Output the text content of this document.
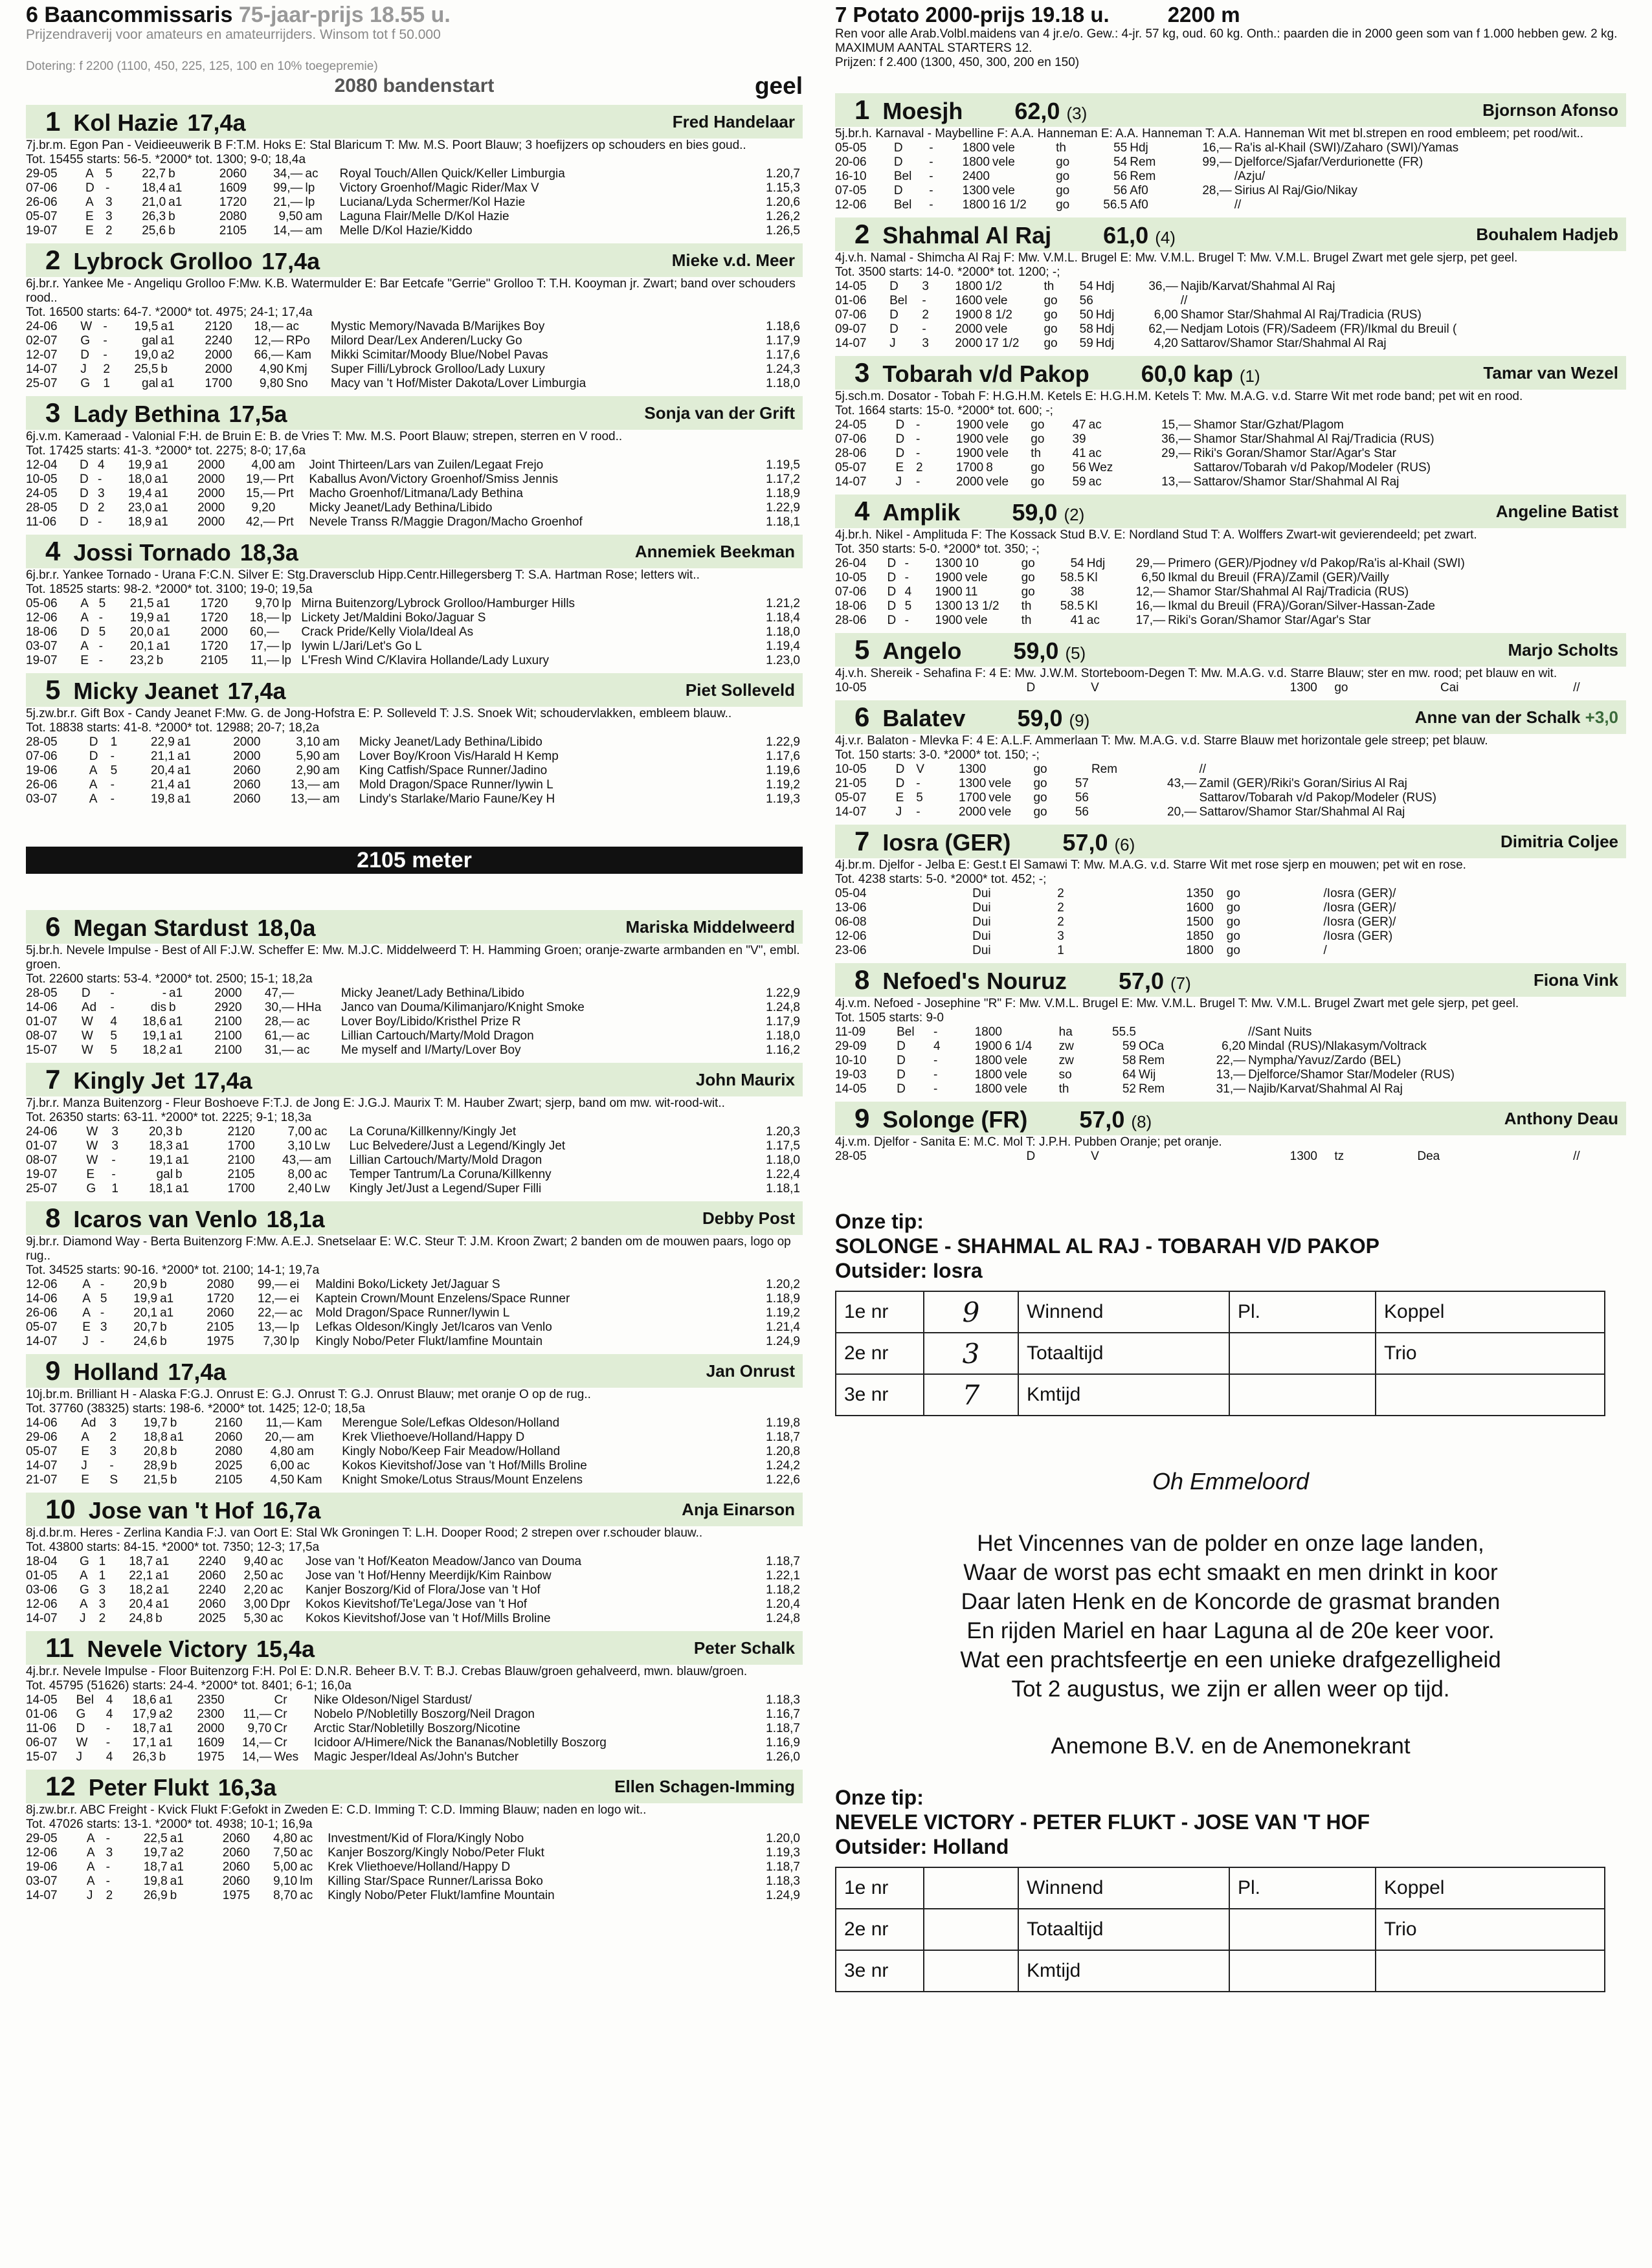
6 Baancommissaris 75-jaar-prijs 18.55 u.
Prijzendraverij voor amateurs en amateurrijders. Winsom tot f 50.000
Dotering: f 2200 (1100, 450, 225, 125, 100 en 10% toegepremie)
2080 bandenstart	geel
1 Kol Hazie 17,4a	Fred Handelaar
7j.br.m. Egon Pan - Veidieeuwerik B F:T.M. Hoks E: Stal Blaricum T: Mw. M.S. Poort Blauw; 3 hoefijzers op schouders en bies goud..
Tot. 15455 starts: 56-5. *2000* tot. 1300; 9-0; 18,4a
29-05	A	5	22,7	b	2060	34,—	ac	Royal Touch/Allen Quick/Keller Limburgia	1.20,7
07-06	D	-	18,4	a1	1609	99,—	lp	Victory Groenhof/Magic Rider/Max V	1.15,3
26-06	A	3	21,0	a1	1720	21,—	lp	Luciana/Lyda Schermer/Kol Hazie	1.20,6
05-07	E	3	26,3	b	2080	9,50	am	Laguna Flair/Melle D/Kol Hazie	1.26,2
19-07	E	2	25,6	b	2105	14,—	am	Melle D/Kol Hazie/Kiddo	1.26,5
2 Lybrock Grolloo 17,4a	Mieke v.d. Meer
6j.br.r. Yankee Me - Angeliqu Grolloo F:Mw. K.B. Watermulder E: Bar Eetcafe "Gerrie" Grolloo T: T.H. Kooyman jr. Zwart; band over schouders rood..
Tot. 16500 starts: 64-7. *2000* tot. 4975; 24-1; 17,4a
24-06	W	-	19,5	a1	2120	18,—	ac	Mystic Memory/Navada B/Marijkes Boy	1.18,6
02-07	G	-	gal	a1	2240	12,—	RPo	Milord Dear/Lex Anderen/Lucky Go	1.17,9
12-07	D	-	19,0	a2	2000	66,—	Kam	Mikki Scimitar/Moody Blue/Nobel Pavas	1.17,6
14-07	J	2	25,5	b	2000	4,90	Kmj	Super Filli/Lybrock Grolloo/Lady Luxury	1.24,3
25-07	G	1	gal	a1	1700	9,80	Sno	Macy van 't Hof/Mister Dakota/Lover Limburgia	1.18,0
3 Lady Bethina 17,5a	Sonja van der Grift
6j.v.m. Kameraad - Valonial F:H. de Bruin E: B. de Vries T: Mw. M.S. Poort Blauw; strepen, sterren en V rood..
Tot. 17425 starts: 41-3. *2000* tot. 2275; 8-0; 17,6a
12-04	D	4	19,9	a1	2000	4,00	am	Joint Thirteen/Lars van Zuilen/Legaat Frejo	1.19,5
10-05	D	-	18,0	a1	2000	19,—	Prt	Kaballus Avon/Victory Groenhof/Smiss Jennis	1.17,2
24-05	D	3	19,4	a1	2000	15,—	Prt	Macho Groenhof/Litmana/Lady Bethina	1.18,9
28-05	D	2	23,0	a1	2000	9,20		Micky Jeanet/Lady Bethina/Libido	1.22,9
11-06	D	-	18,9	a1	2000	42,—	Prt	Nevele Transs R/Maggie Dragon/Macho Groenhof	1.18,1
4 Jossi Tornado 18,3a	Annemiek Beekman
6j.br.r. Yankee Tornado - Urana F:C.N. Silver E: Stg.Draversclub Hipp.Centr.Hillegersberg T: S.A. Hartman Rose; letters wit..
Tot. 18525 starts: 98-2. *2000* tot. 3100; 19-0; 19,5a
05-06	A	5	21,5	a1	1720	9,70	lp	Mirna Buitenzorg/Lybrock Grolloo/Hamburger Hills	1.21,2
12-06	A	-	19,9	a1	1720	18,—	lp	Lickety Jet/Maldini Boko/Jaguar S	1.18,4
18-06	D	5	20,0	a1	2000	60,—		Crack Pride/Kelly Viola/Ideal As	1.18,0
03-07	A	-	20,1	a1	1720	17,—	lp	Iywin L/Jari/Let's Go L	1.19,4
19-07	E	-	23,2	b	2105	11,—	lp	L'Fresh Wind C/Klavira Hollande/Lady Luxury	1.23,0
5 Micky Jeanet 17,4a	Piet Solleveld
5j.zw.br.r. Gift Box - Candy Jeanet F:Mw. G. de Jong-Hofstra E: P. Solleveld T: J.S. Snoek Wit; schoudervlakken, embleem blauw..
Tot. 18838 starts: 41-8. *2000* tot. 12988; 20-7; 18,2a
28-05	D	1	22,9	a1	2000	3,10	am	Micky Jeanet/Lady Bethina/Libido	1.22,9
07-06	D	-	21,1	a1	2000	5,90	am	Lover Boy/Kroon Vis/Harald H Kemp	1.17,6
19-06	A	5	20,4	a1	2060	2,90	am	King Catfish/Space Runner/Jadino	1.19,6
26-06	A	-	21,4	a1	2060	13,—	am	Mold Dragon/Space Runner/Iywin L	1.19,2
03-07	A	-	19,8	a1	2060	13,—	am	Lindy's Starlake/Mario Faune/Key H	1.19,3
2105 meter
6 Megan Stardust 18,0a	Mariska Middelweerd
5j.br.h. Nevele Impulse - Best of All F:J.W. Scheffer E: Mw. M.J.C. Middelweerd T: H. Hamming Groen; oranje-zwarte armbanden en "V", embl. groen.
Tot. 22600 starts: 53-4. *2000* tot. 2500; 15-1; 18,2a
28-05	D	-	-	a1	2000	47,—		Micky Jeanet/Lady Bethina/Libido	1.22,9
14-06	Ad	-	dis	b	2920	30,—	HHa	Janco van Douma/Kilimanjaro/Knight Smoke	1.24,8
01-07	W	4	18,6	a1	2100	28,—	ac	Lover Boy/Libido/Kristhel Prize R	1.17,9
08-07	W	5	19,1	a1	2100	61,—	ac	Lillian Cartouch/Marty/Mold Dragon	1.18,0
15-07	W	5	18,2	a1	2100	31,—	ac	Me myself and I/Marty/Lover Boy	1.16,2
7 Kingly Jet 17,4a	John Maurix
7j.br.r. Manza Buitenzorg - Fleur Boshoeve F:T.J. de Jong E: J.G.J. Maurix T: M. Hauber Zwart; sjerp, band om mw. wit-rood-wit..
Tot. 26350 starts: 63-11. *2000* tot. 2225; 9-1; 18,3a
24-06	W	3	20,3	b	2120	7,00	ac	La Coruna/Killkenny/Kingly Jet	1.20,3
01-07	W	3	18,3	a1	1700	3,10	Lw	Luc Belvedere/Just a Legend/Kingly Jet	1.17,5
08-07	W	-	19,1	a1	2100	43,—	am	Lillian Cartouch/Marty/Mold Dragon	1.18,0
19-07	E	-	gal	b	2105	8,00	ac	Temper Tantrum/La Coruna/Killkenny	1.22,4
25-07	G	1	18,1	a1	1700	2,40	Lw	Kingly Jet/Just a Legend/Super Filli	1.18,1
8 Icaros van Venlo 18,1a	Debby Post
9j.br.r. Diamond Way - Berta Buitenzorg F:Mw. A.E.J. Snetselaar E: W.C. Steur T: J.M. Kroon Zwart; 2 banden om de mouwen paars, logo op rug..
Tot. 34525 starts: 90-16. *2000* tot. 2100; 14-1; 19,7a
12-06	A	-	20,9	b	2080	99,—	ei	Maldini Boko/Lickety Jet/Jaguar S	1.20,2
14-06	A	5	19,9	a1	1720	12,—	ei	Kaptein Crown/Mount Enzelens/Space Runner	1.18,9
26-06	A	-	20,1	a1	2060	22,—	ac	Mold Dragon/Space Runner/Iywin L	1.19,2
05-07	E	3	20,7	b	2105	13,—	lp	Lefkas Oldeson/Kingly Jet/Icaros van Venlo	1.21,4
14-07	J	-	24,6	b	1975	7,30	lp	Kingly Nobo/Peter Flukt/Iamfine Mountain	1.24,9
9 Holland 17,4a	Jan Onrust
10j.br.m. Brilliant H - Alaska F:G.J. Onrust E: G.J. Onrust T: G.J. Onrust Blauw; met oranje O op de rug..
Tot. 37760 (38325) starts: 198-6. *2000* tot. 1425; 12-0; 18,5a
14-06	Ad	3	19,7	b	2160	11,—	Kam	Merengue Sole/Lefkas Oldeson/Holland	1.19,8
29-06	A	2	18,8	a1	2060	20,—	am	Krek Vliethoeve/Holland/Happy D	1.18,7
05-07	E	3	20,8	b	2080	4,80	am	Kingly Nobo/Keep Fair Meadow/Holland	1.20,8
14-07	J	-	28,9	b	2025	6,00	ac	Kokos Kievitshof/Jose van 't Hof/Mills Broline	1.24,2
21-07	E	S	21,5	b	2105	4,50	Kam	Knight Smoke/Lotus Straus/Mount Enzelens	1.22,6
10 Jose van 't Hof 16,7a	Anja Einarson
8j.d.br.m. Heres - Zerlina Kandia F:J. van Oort E: Stal Wk Groningen T: L.H. Dooper Rood; 2 strepen over r.schouder blauw..
Tot. 43800 starts: 84-15. *2000* tot. 7350; 12-3; 17,5a
18-04	G	1	18,7	a1	2240	9,40	ac	Jose van 't Hof/Keaton Meadow/Janco van Douma	1.18,7
01-05	A	1	22,1	a1	2060	2,50	ac	Jose van 't Hof/Henny Meerdijk/Kim Rainbow	1.22,1
03-06	G	3	18,2	a1	2240	2,20	ac	Kanjer Boszorg/Kid of Flora/Jose van 't Hof	1.18,2
12-06	A	3	20,4	a1	2060	3,00	Dpr	Kokos Kievitshof/Te'Lega/Jose van 't Hof	1.20,4
14-07	J	2	24,8	b	2025	5,30	ac	Kokos Kievitshof/Jose van 't Hof/Mills Broline	1.24,8
11 Nevele Victory 15,4a	Peter Schalk
4j.br.r. Nevele Impulse - Floor Buitenzorg F:H. Pol E: D.N.R. Beheer B.V. T: B.J. Crebas Blauw/groen gehalveerd, mwn. blauw/groen.
Tot. 45795 (51626) starts: 24-4. *2000* tot. 8401; 6-1; 16,0a
14-05	Bel	4	18,6	a1	2350		Cr	Nike Oldeson/Nigel Stardust/	1.18,3
01-06	G	4	17,9	a2	2300	11,—	Cr	Nobelo P/Nobletilly Boszorg/Neil Dragon	1.16,7
11-06	D	-	18,7	a1	2000	9,70	Cr	Arctic Star/Nobletilly Boszorg/Nicotine	1.18,7
06-07	W	-	17,1	a1	1609	14,—	Cr	Icidoor A/Himere/Nick the Bananas/Nobletilly Boszorg	1.16,9
15-07	J	4	26,3	b	1975	14,—	Wes	Magic Jesper/Ideal As/John's Butcher	1.26,0
12 Peter Flukt 16,3a	Ellen Schagen-Imming
8j.zw.br.r. ABC Freight - Kvick Flukt F:Gefokt in Zweden E: C.D. Imming T: C.D. Imming Blauw; naden en logo wit..
Tot. 47026 starts: 13-1. *2000* tot. 4938; 10-1; 16,9a
29-05	A	-	22,5	a1	2060	4,80	ac	Investment/Kid of Flora/Kingly Nobo	1.20,0
12-06	A	3	19,7	a2	2060	7,50	ac	Kanjer Boszorg/Kingly Nobo/Peter Flukt	1.19,3
19-06	A	-	18,7	a1	2060	5,00	ac	Krek Vliethoeve/Holland/Happy D	1.18,7
03-07	A	-	19,8	a1	2060	9,10	lm	Killing Star/Space Runner/Larissa Boko	1.18,3
14-07	J	2	26,9	b	1975	8,70	ac	Kingly Nobo/Peter Flukt/Iamfine Mountain	1.24,9
7 Potato 2000-prijs 19.18 u.	2200 m
Ren voor alle Arab.Volbl.maidens van 4 jr.e/o. Gew.: 4-jr. 57 kg, oud. 60 kg. Onth.: paarden die in 2000 geen som van f 1.000 hebben gew. 2 kg. MAXIMUM AANTAL STARTERS 12.
Prijzen: f 2.400 (1300, 450, 300, 200 en 150)
1 Moesjh 62,0 (3)	Bjornson Afonso
5j.br.h. Karnaval - Maybelline F: A.A. Hanneman E: A.A. Hanneman T: A.A. Hanneman Wit met bl.strepen en rood embleem; pet rood/wit..
05-05	D	-	1800	vele	th	55	Hdj	16,—	Ra'is al-Khail (SWI)/Zaharo (SWI)/Yamas
20-06	D	-	1800	vele	go	54	Rem	99,—	Djelforce/Sjafar/Verdurionette (FR)
16-10	Bel	-	2400		go	56	Rem		/Azju/
07-05	D	-	1300	vele	go	56	Af0	28,—	Sirius Al Raj/Gio/Nikay
12-06	Bel	-	1800	16 1/2	go	56.5	Af0		//
2 Shahmal Al Raj 61,0 (4)	Bouhalem Hadjeb
4j.v.h. Namal - Shimcha Al Raj F: Mw. V.M.L. Brugel E: Mw. V.M.L. Brugel T: Mw. V.M.L. Brugel Zwart met gele sjerp, pet geel.
Tot. 3500 starts: 14-0. *2000* tot. 1200; -;
14-05	D	3	1800	1/2	th	54	Hdj	36,—	Najib/Karvat/Shahmal Al Raj
01-06	Bel	-	1600	vele	go	56			//
07-06	D	2	1900	8 1/2	go	50	Hdj	6,00	Shamor Star/Shahmal Al Raj/Tradicia (RUS)
09-07	D	-	2000	vele	go	58	Hdj	62,—	Nedjam Lotois (FR)/Sadeem (FR)/Ikmal du Breuil (
14-07	J	3	2000	17 1/2	go	59	Hdj	4,20	Sattarov/Shamor Star/Shahmal Al Raj
3 Tobarah v/d Pakop 60,0 kap (1)	Tamar van Wezel
5j.sch.m. Dosator - Tobah F: H.G.H.M. Ketels E: H.G.H.M. Ketels T: Mw. M.A.G. v.d. Starre Wit met rode band; pet wit en rood.
Tot. 1664 starts: 15-0. *2000* tot. 600; -;
24-05	D	-	1900	vele	go	47	ac	15,—	Shamor Star/Gzhat/Plagom
07-06	D	-	1900	vele	go	39		36,—	Shamor Star/Shahmal Al Raj/Tradicia (RUS)
28-06	D	-	1900	vele	th	41	ac	29,—	Riki's Goran/Shamor Star/Agar's Star
05-07	E	2	1700	8	go	56	Wez		Sattarov/Tobarah v/d Pakop/Modeler (RUS)
14-07	J	-	2000	vele	go	59	ac	13,—	Sattarov/Shamor Star/Shahmal Al Raj
4 Amplik 59,0 (2)	Angeline Batist
4j.br.h. Nikel - Amplituda F: The Kossack Stud B.V. E: Nordland Stud T: A. Wolffers Zwart-wit gevierendeeld; pet zwart.
Tot. 350 starts: 5-0. *2000* tot. 350; -;
26-04	D	-	1300	10	go	54	Hdj	29,—	Primero (GER)/Pjodney v/d Pakop/Ra'is al-Khail (SWI)
10-05	D	-	1900	vele	go	58.5	Kl	6,50	Ikmal du Breuil (FRA)/Zamil (GER)/Vailly
07-06	D	4	1900	11	go	38		12,—	Shamor Star/Shahmal Al Raj/Tradicia (RUS)
18-06	D	5	1300	13 1/2	th	58.5	Kl	16,—	Ikmal du Breuil (FRA)/Goran/Silver-Hassan-Zade
28-06	D	-	1900	vele	th	41	ac	17,—	Riki's Goran/Shamor Star/Agar's Star
5 Angelo 59,0 (5)	Marjo Scholts
4j.v.h. Shereik - Sehafina F: 4 E: Mw. J.W.M. Storteboom-Degen T: Mw. M.A.G. v.d. Starre Blauw; ster en mw. rood; pet blauw en wit.
10-05	D	V	1300		go		Cai		//
6 Balatev 59,0 (9)	Anne van der Schalk +3,0
4j.v.r. Balaton - Mlevka F: 4 E: A.L.F. Ammerlaan T: Mw. M.A.G. v.d. Starre Blauw met horizontale gele streep; pet blauw.
Tot. 150 starts: 3-0. *2000* tot. 150; -;
10-05	D	V	1300		go		Rem		//
21-05	D	-	1300	vele	go	57		43,—	Zamil (GER)/Riki's Goran/Sirius Al Raj
05-07	E	5	1700	vele	go	56			Sattarov/Tobarah v/d Pakop/Modeler (RUS)
14-07	J	-	2000	vele	go	56		20,—	Sattarov/Shamor Star/Shahmal Al Raj
7 Iosra (GER) 57,0 (6)	Dimitria Coljee
4j.br.m. Djelfor - Jelba E: Gest.t El Samawi T: Mw. M.A.G. v.d. Starre Wit met rose sjerp en mouwen; pet wit en rose.
Tot. 4238 starts: 5-0. *2000* tot. 452; -;
05-04	Dui	2	1350		go				/Iosra (GER)/
13-06	Dui	2	1600		go				/Iosra (GER)/
06-08	Dui	2	1500		go				/Iosra (GER)/
12-06	Dui	3	1850		go				/Iosra (GER)
23-06	Dui	1	1800		go				/
8 Nefoed's Nouruz 57,0 (7)	Fiona Vink
4j.v.m. Nefoed - Josephine "R" F: Mw. V.M.L. Brugel E: Mw. V.M.L. Brugel T: Mw. V.M.L. Brugel Zwart met gele sjerp, pet geel.
Tot. 1505 starts: 9-0
11-09	Bel	-	1800		ha	55.5			//Sant Nuits
29-09	D	4	1900	6 1/4	zw	59	OCa	6,20	Mindal (RUS)/Nlakasym/Voltrack
10-10	D	-	1800	vele	zw	58	Rem	22,—	Nympha/Yavuz/Zardo (BEL)
19-03	D	-	1800	vele	so	64	Wij	13,—	Djelforce/Shamor Star/Modeler (RUS)
14-05	D	-	1800	vele	th	52	Rem	31,—	Najib/Karvat/Shahmal Al Raj
9 Solonge (FR) 57,0 (8)	Anthony Deau
4j.v.m. Djelfor - Sanita E: M.C. Mol T: J.P.H. Pubben Oranje; pet oranje.
28-05	D	V	1300		tz		Dea		//
Onze tip:
SOLONGE - SHAHMAL AL RAJ - TOBARAH V/D PAKOP
Outsider: Iosra
1e nr	9	Winnend	Pl.	Koppel
2e nr	3	Totaaltijd		Trio
3e nr	7	Kmtijd		
Oh Emmeloord
Het Vincennes van de polder en onze lage landen,
Waar de worst pas echt smaakt en men drinkt in koor
Daar laten Henk en de Koncorde de grasmat branden
En rijden Mariel en haar Laguna al de 20e keer voor.
Wat een prachtsfeertje en een unieke drafgezelligheid
Tot 2 augustus, we zijn er allen weer op tijd.
Anemone B.V. en de Anemonekrant
Onze tip:
NEVELE VICTORY - PETER FLUKT - JOSE VAN 'T HOF
Outsider: Holland
1e nr		Winnend	Pl.	Koppel
2e nr		Totaaltijd		Trio
3e nr		Kmtijd		
